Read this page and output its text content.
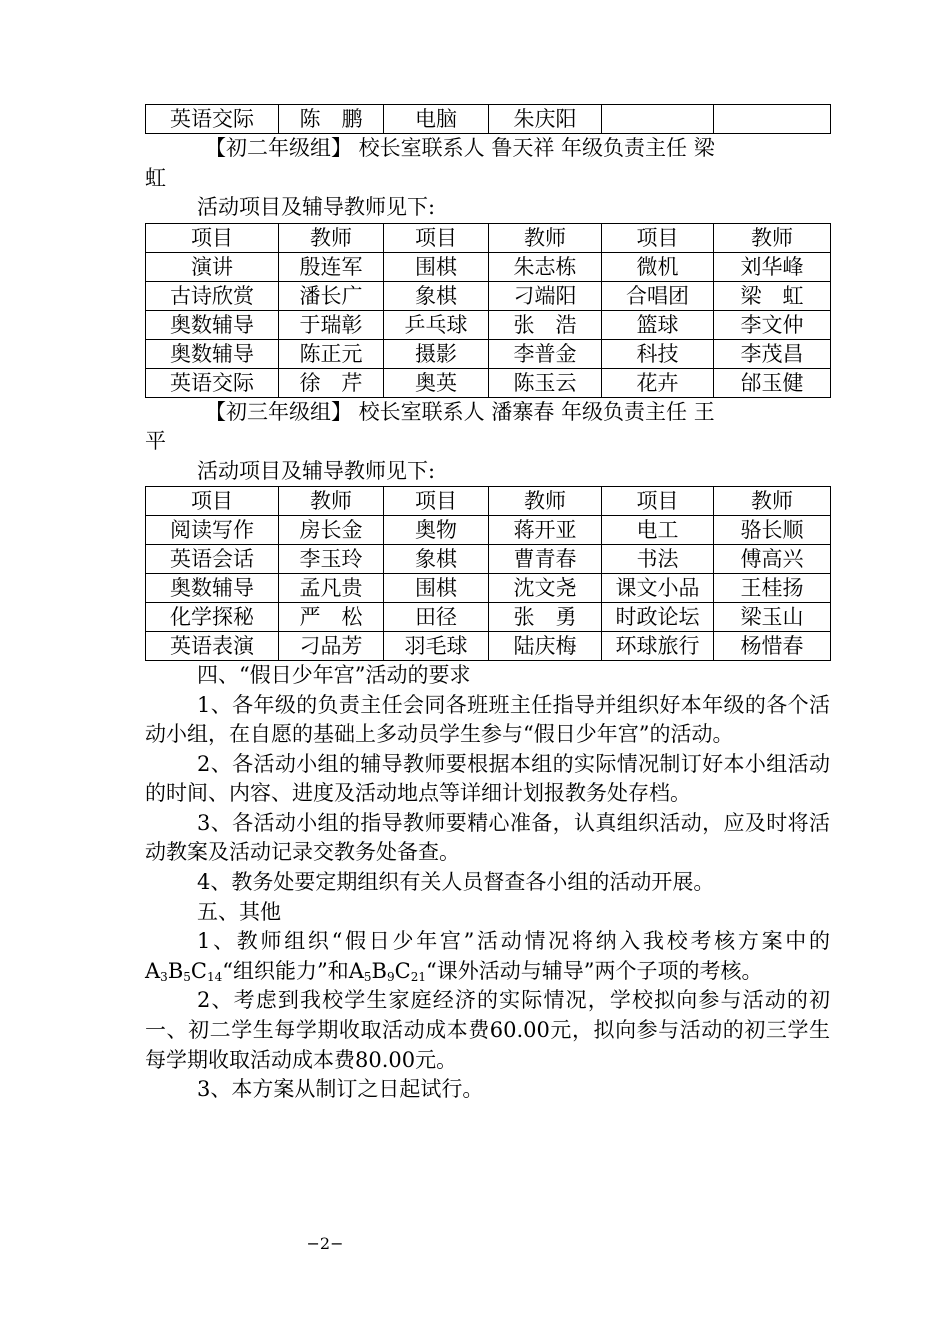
英语交际	陈　鹏	电脑	朱庆阳		

【初二年级组】 校长室联系人 鲁天祥 年级负责主任 梁

虹

活动项目及辅导教师见下:

项目	教师	项目	教师	项目	教师
演讲	殷连军	围棋	朱志栋	微机	刘华峰
古诗欣赏	潘长广	象棋	刁端阳	合唱团	梁　虹
奥数辅导	于瑞彰	乒乓球	张　浩	篮球	李文仲
奥数辅导	陈正元	摄影	李普金	科技	李茂昌
英语交际	徐　芹	奥英	陈玉云	花卉	邰玉健

【初三年级组】 校长室联系人 潘寨春 年级负责主任 王

平

活动项目及辅导教师见下:

项目	教师	项目	教师	项目	教师
阅读写作	房长金	奥物	蒋开亚	电工	骆长顺
英语会话	李玉玲	象棋	曹青春	书法	傅高兴
奥数辅导	孟凡贵	围棋	沈文尧	课文小品	王桂扬
化学探秘	严　松	田径	张　勇	时政论坛	梁玉山
英语表演	刁品芳	羽毛球	陆庆梅	环球旅行	杨惜春

四、“假日少年宫”活动的要求

1、各年级的负责主任会同各班班主任指导并组织好本年级的各个活动小组，在自愿的基础上多动员学生参与“假日少年宫”的活动。

2、各活动小组的辅导教师要根据本组的实际情况制订好本小组活动的时间、内容、进度及活动地点等详细计划报教务处存档。

3、各活动小组的指导教师要精心准备，认真组织活动，应及时将活动教案及活动记录交教务处备查。

4、教务处要定期组织有关人员督查各小组的活动开展。

五、其他

1、教师组织“假日少年宫”活动情况将纳入我校考核方案中的$A_3B_5C_{14}“$组织能力”和$A_5B_9C_{21}“$课外活动与辅导”两个子项的考核。

2、考虑到我校学生家庭经济的实际情况，学校拟向参与活动的初一、初二学生每学期收取活动成本费60.00元，拟向参与活动的初三学生每学期收取活动成本费80.00元。

3、本方案从制订之日起试行。

−2−
